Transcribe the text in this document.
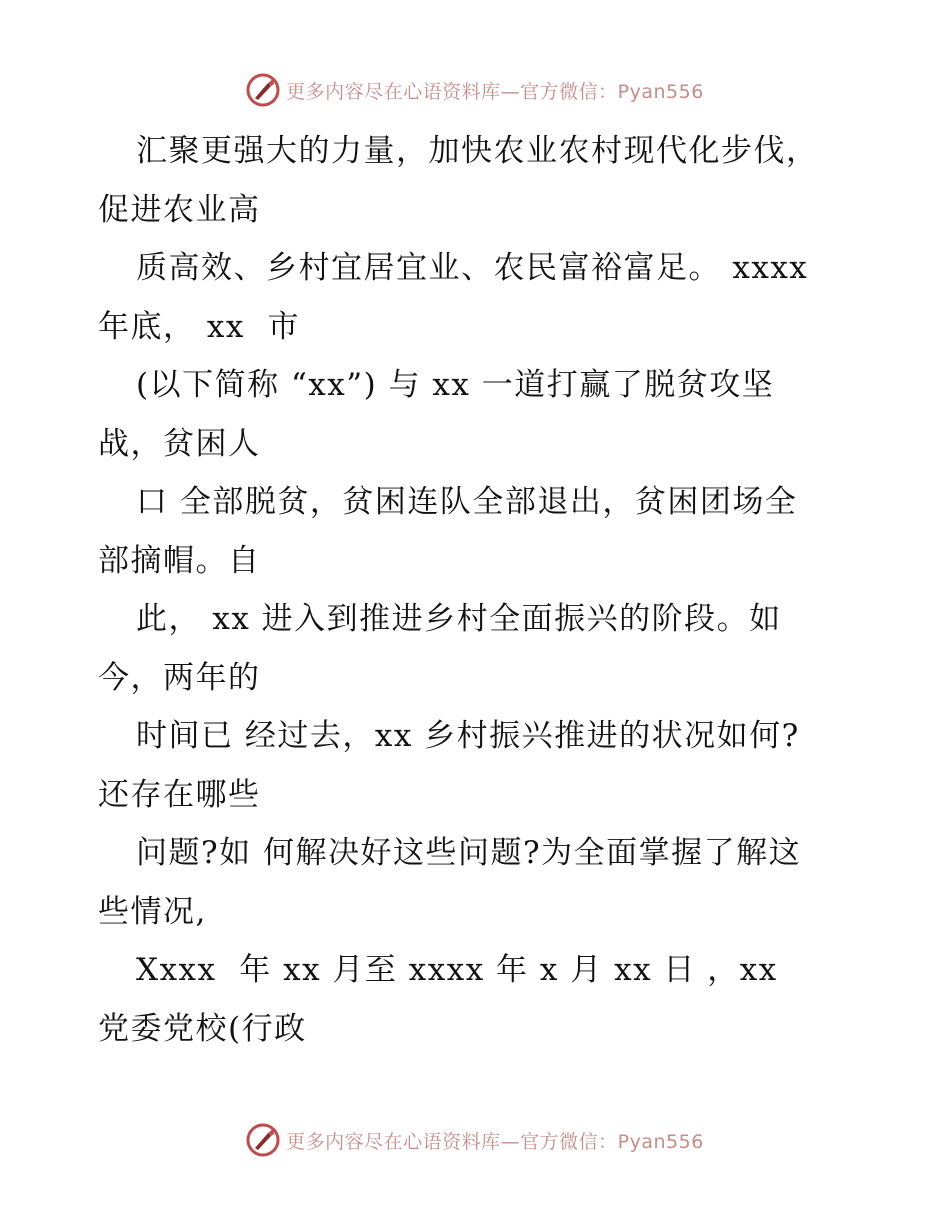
更多内容尽在心语资料库—官方微信：Pyan556
汇聚更强大的力量，加快农业农村现代化步伐，
促进农业高
质高效、乡村宜居宜业、农民富裕富足。 xxxx
年底， xx  市
(以下简称 “xx”) 与 xx 一道打赢了脱贫攻坚
战，贫困人
口 全部脱贫，贫困连队全部退出，贫困团场全
部摘帽。自
此， xx 进入到推进乡村全面振兴的阶段。如
今，两年的
时间已 经过去，xx 乡村振兴推进的状况如何?
还存在哪些
问题?如 何解决好这些问题?为全面掌握了解这
些情况,
Xxxx  年 xx 月至 xxxx 年 x 月 xx 日 ，xx
党委党校(行政
更多内容尽在心语资料库—官方微信：Pyan556
